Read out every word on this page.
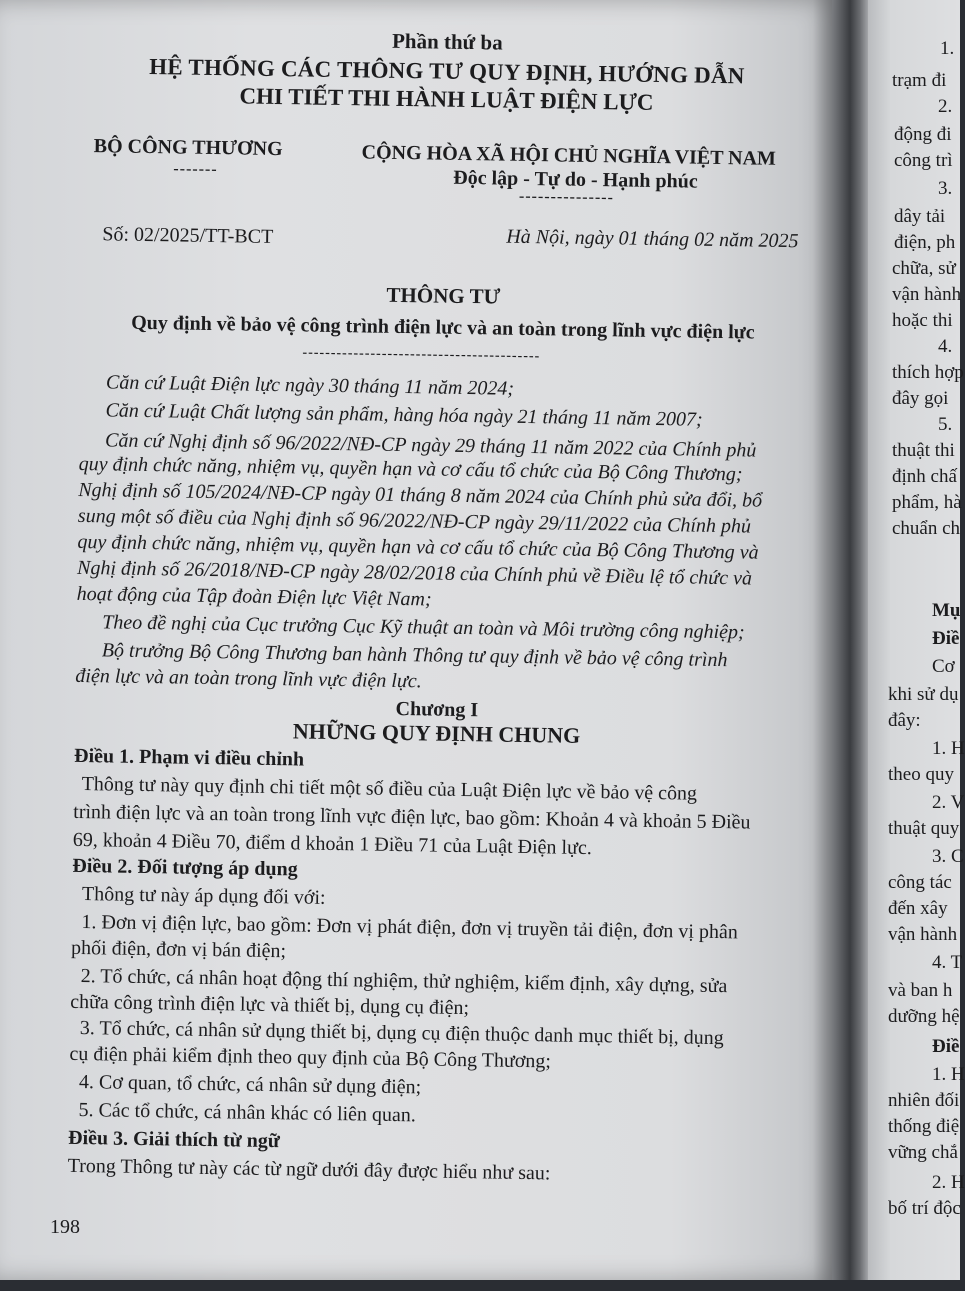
Phần thứ ba
HỆ THỐNG CÁC THÔNG TƯ QUY ĐỊNH, HƯỚNG DẪN
CHI TIẾT THI HÀNH LUẬT ĐIỆN LỰC
BỘ CÔNG THƯƠNG
-------	CỘNG HÒA XÃ HỘI CHỦ NGHĨA VIỆT NAM
Độc lập - Tự do - Hạnh phúc
---------------
Số: 02/2025/TT-BCT	Hà Nội, ngày 01 tháng 02 năm 2025
THÔNG TƯ
Quy định về bảo vệ công trình điện lực và an toàn trong lĩnh vực điện lực
------------------------------------------
Căn cứ Luật Điện lực ngày 30 tháng 11 năm 2024;
Căn cứ Luật Chất lượng sản phẩm, hàng hóa ngày 21 tháng 11 năm 2007;
Căn cứ Nghị định số 96/2022/NĐ-CP ngày 29 tháng 11 năm 2022 của Chính phủ
quy định chức năng, nhiệm vụ, quyền hạn và cơ cấu tổ chức của Bộ Công Thương;
Nghị định số 105/2024/NĐ-CP ngày 01 tháng 8 năm 2024 của Chính phủ sửa đổi, bổ
sung một số điều của Nghị định số 96/2022/NĐ-CP ngày 29/11/2022 của Chính phủ
quy định chức năng, nhiệm vụ, quyền hạn và cơ cấu tổ chức của Bộ Công Thương và
Nghị định số 26/2018/NĐ-CP ngày 28/02/2018 của Chính phủ về Điều lệ tổ chức và
hoạt động của Tập đoàn Điện lực Việt Nam;
Theo đề nghị của Cục trưởng Cục Kỹ thuật an toàn và Môi trường công nghiệp;
Bộ trưởng Bộ Công Thương ban hành Thông tư quy định về bảo vệ công trình
điện lực và an toàn trong lĩnh vực điện lực.
Chương I
NHỮNG QUY ĐỊNH CHUNG
Điều 1. Phạm vi điều chỉnh
Thông tư này quy định chi tiết một số điều của Luật Điện lực về bảo vệ công
trình điện lực và an toàn trong lĩnh vực điện lực, bao gồm: Khoản 4 và khoản 5 Điều
69, khoản 4 Điều 70, điểm d khoản 1 Điều 71 của Luật Điện lực.
Điều 2. Đối tượng áp dụng
Thông tư này áp dụng đối với:
1. Đơn vị điện lực, bao gồm: Đơn vị phát điện, đơn vị truyền tải điện, đơn vị phân
phối điện, đơn vị bán điện;
2. Tổ chức, cá nhân hoạt động thí nghiệm, thử nghiệm, kiểm định, xây dựng, sửa
chữa công trình điện lực và thiết bị, dụng cụ điện;
3. Tổ chức, cá nhân sử dụng thiết bị, dụng cụ điện thuộc danh mục thiết bị, dụng
cụ điện phải kiểm định theo quy định của Bộ Công Thương;
4. Cơ quan, tổ chức, cá nhân sử dụng điện;
5. Các tổ chức, cá nhân khác có liên quan.
Điều 3. Giải thích từ ngữ
Trong Thông tư này các từ ngữ dưới đây được hiểu như sau:
198
1.
trạm đi
2.
động đi
công trì
3.
dây tải
điện, ph
chữa, sử
vận hành
hoặc thi
4.
thích hợp
đây gọi
5.
thuật thi
định chấ
phẩm, hà
chuẩn ch
Mụ
Điề
Cơ
khi sử dụ
đây:
1. H
theo quy
2. V
thuật quy
3. C
công tác
đến xây
vận hành
4. T
và ban h
dưỡng hệ
Điề
1. H
nhiên đối
thống điệ
vững chắ
2. H
bố trí độc
